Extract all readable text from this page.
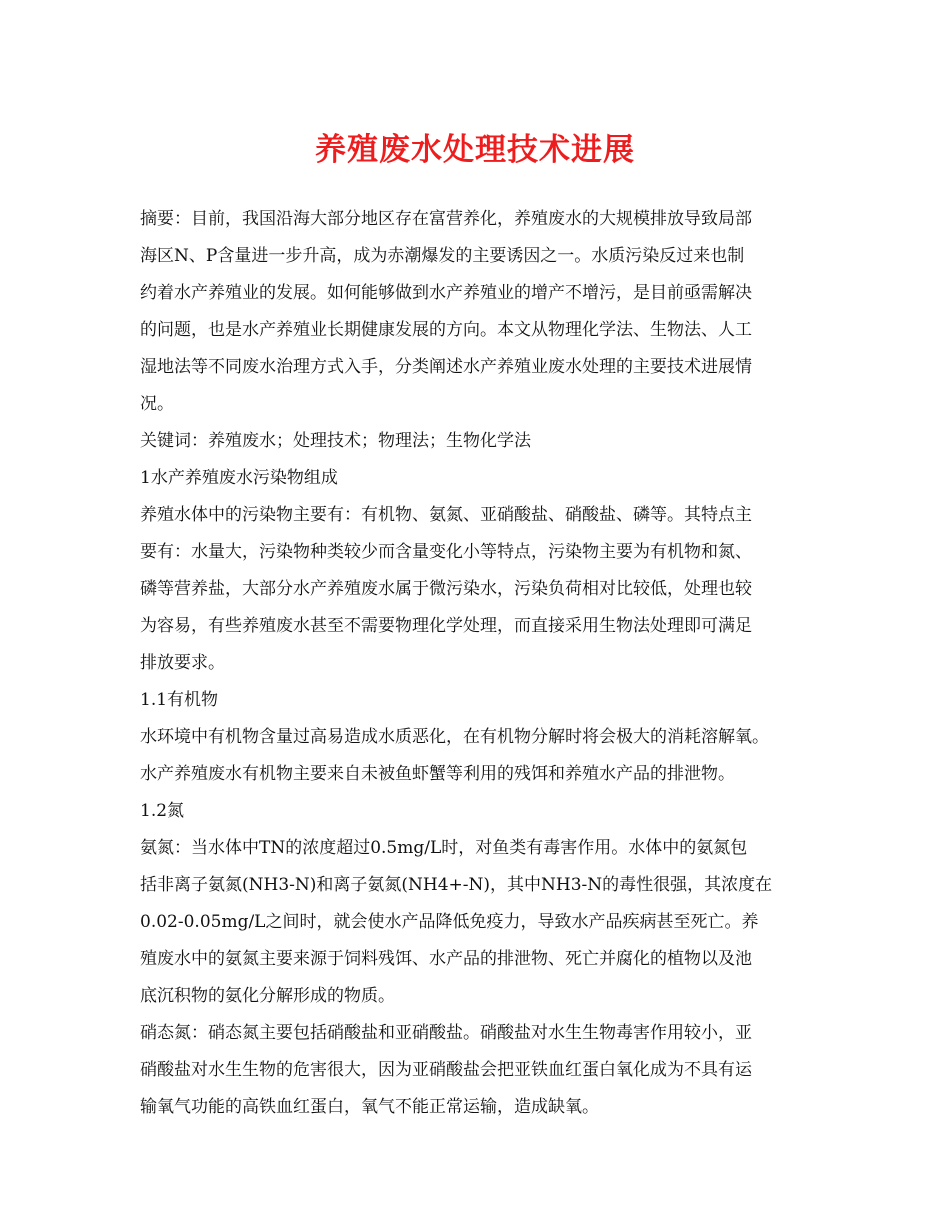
养殖废水处理技术进展
摘要：目前，我国沿海大部分地区存在富营养化，养殖废水的大规模排放导致局部
海区N、P含量进一步升高，成为赤潮爆发的主要诱因之一。水质污染反过来也制
约着水产养殖业的发展。如何能够做到水产养殖业的增产不增污，是目前亟需解决
的问题，也是水产养殖业长期健康发展的方向。本文从物理化学法、生物法、人工
湿地法等不同废水治理方式入手，分类阐述水产养殖业废水处理的主要技术进展情
况。
关键词：养殖废水；处理技术；物理法；生物化学法
1水产养殖废水污染物组成
养殖水体中的污染物主要有：有机物、氨氮、亚硝酸盐、硝酸盐、磷等。其特点主
要有：水量大，污染物种类较少而含量变化小等特点，污染物主要为有机物和氮、
磷等营养盐，大部分水产养殖废水属于微污染水，污染负荷相对比较低，处理也较
为容易，有些养殖废水甚至不需要物理化学处理，而直接采用生物法处理即可满足
排放要求。
1.1有机物
水环境中有机物含量过高易造成水质恶化，在有机物分解时将会极大的消耗溶解氧。
水产养殖废水有机物主要来自未被鱼虾蟹等利用的残饵和养殖水产品的排泄物。
1.2氮
氨氮：当水体中TN的浓度超过0.5mg/L时，对鱼类有毒害作用。水体中的氨氮包
括非离子氨氮(NH3-N)和离子氨氮(NH4+-N)，其中NH3-N的毒性很强，其浓度在
0.02-0.05mg/L之间时，就会使水产品降低免疫力，导致水产品疾病甚至死亡。养
殖废水中的氨氮主要来源于饲料残饵、水产品的排泄物、死亡并腐化的植物以及池
底沉积物的氨化分解形成的物质。
硝态氮：硝态氮主要包括硝酸盐和亚硝酸盐。硝酸盐对水生生物毒害作用较小，亚
硝酸盐对水生生物的危害很大，因为亚硝酸盐会把亚铁血红蛋白氧化成为不具有运
输氧气功能的高铁血红蛋白，氧气不能正常运输，造成缺氧。
